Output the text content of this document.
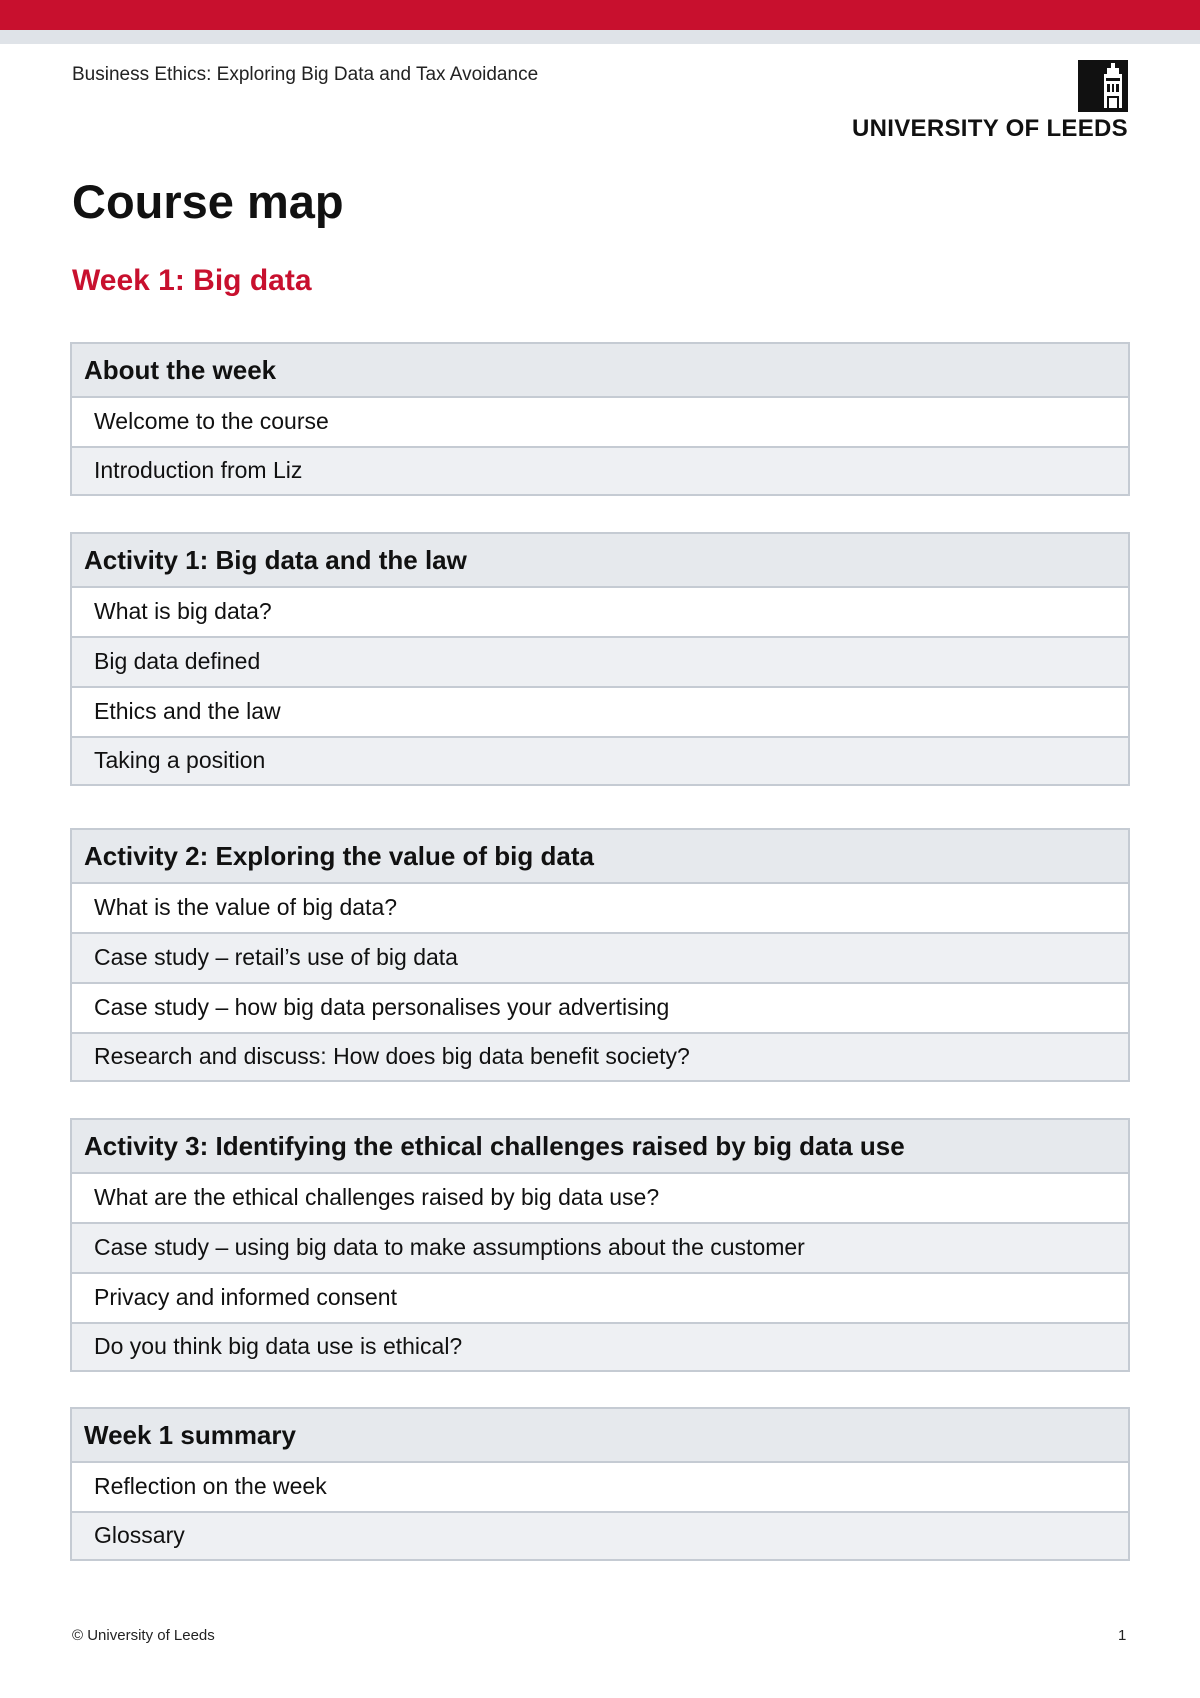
Business Ethics: Exploring Big Data and Tax Avoidance
UNIVERSITY OF LEEDS
Course map
Week 1: Big data
About the week
Welcome to the course
Introduction from Liz
Activity 1: Big data and the law
What is big data?
Big data defined
Ethics and the law
Taking a position
Activity 2: Exploring the value of big data
What is the value of big data?
Case study – retail’s use of big data
Case study – how big data personalises your advertising
Research and discuss: How does big data benefit society?
Activity 3: Identifying the ethical challenges raised by big data use
What are the ethical challenges raised by big data use?
Case study – using big data to make assumptions about the customer
Privacy and informed consent
Do you think big data use is ethical?
Week 1 summary
Reflection on the week
Glossary
© University of Leeds	1
